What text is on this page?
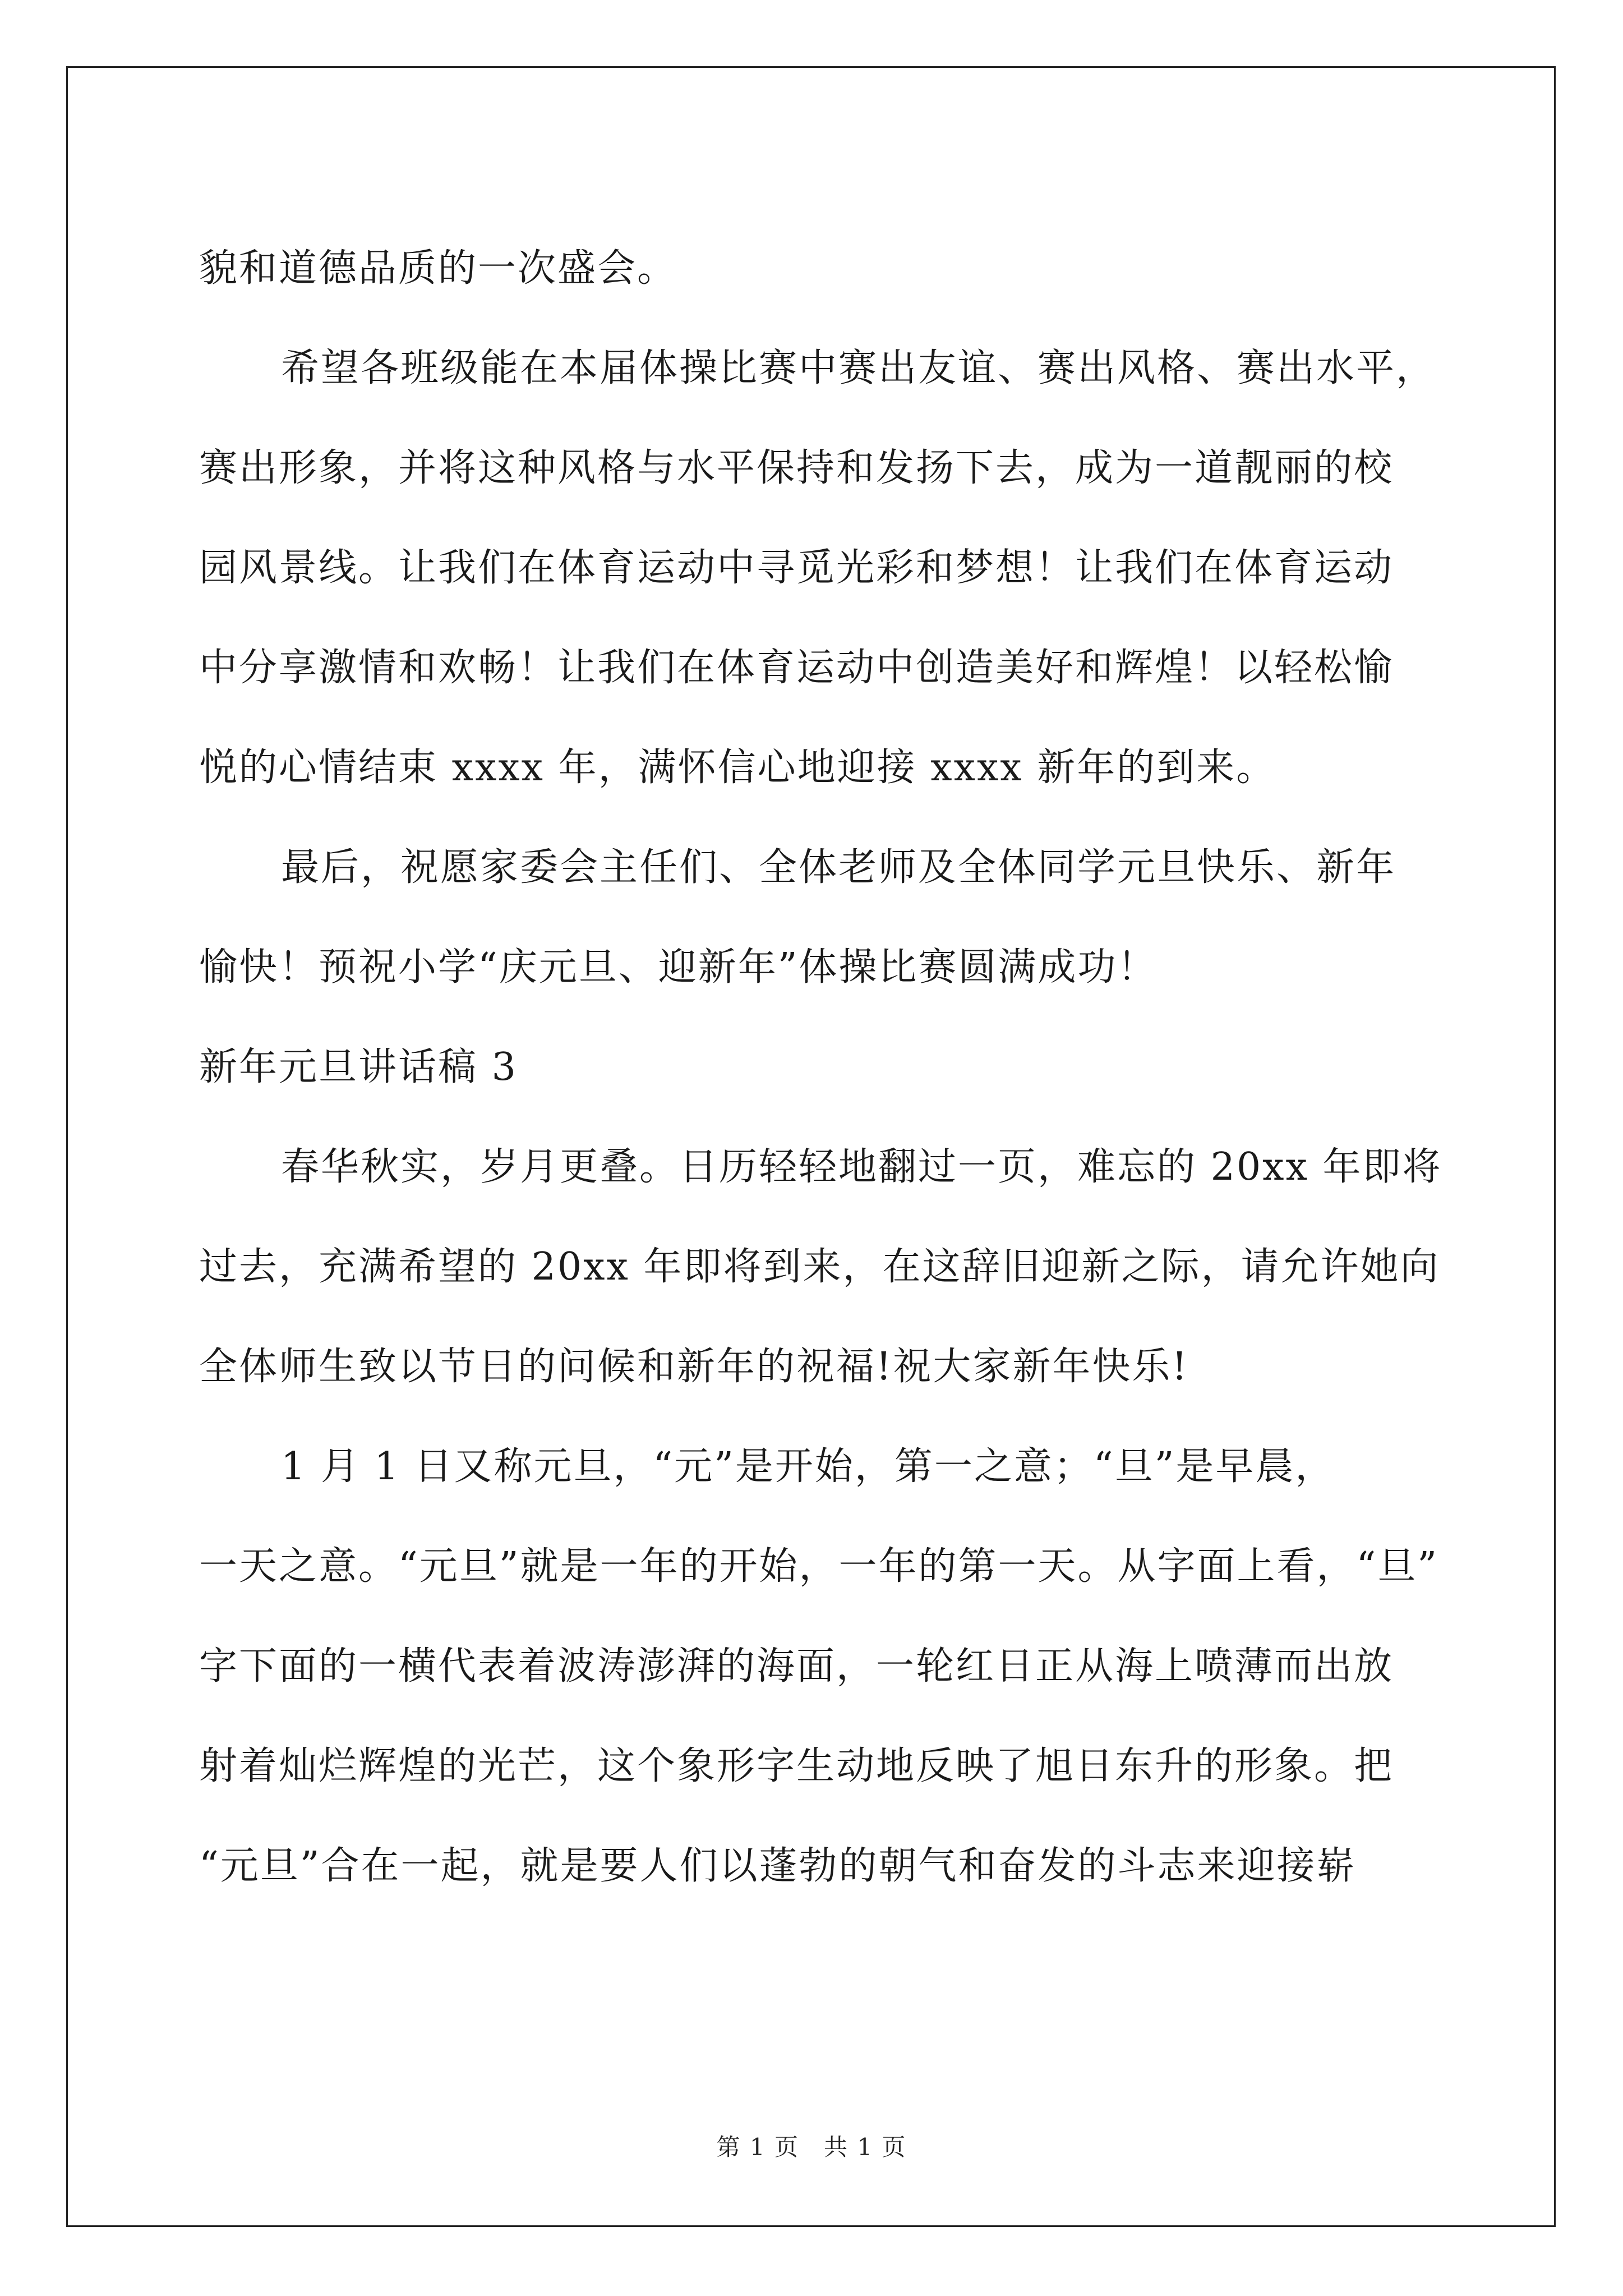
貌和道德品质的一次盛会。
希望各班级能在本届体操比赛中赛出友谊、赛出风格、赛出水平，
赛出形象，并将这种风格与水平保持和发扬下去，成为一道靓丽的校
园风景线。让我们在体育运动中寻觅光彩和梦想！让我们在体育运动
中分享激情和欢畅！让我们在体育运动中创造美好和辉煌！以轻松愉
悦的心情结束 xxxx 年，满怀信心地迎接 xxxx 新年的到来。
最后，祝愿家委会主任们、全体老师及全体同学元旦快乐、新年
愉快！预祝小学“庆元旦、迎新年”体操比赛圆满成功！
新年元旦讲话稿 3
春华秋实，岁月更叠。日历轻轻地翻过一页，难忘的 20xx 年即将
过去，充满希望的 20xx 年即将到来，在这辞旧迎新之际，请允许她向
全体师生致以节日的问候和新年的祝福!祝大家新年快乐!
1 月 1 日又称元旦，“元”是开始，第一之意；“旦”是早晨，
一天之意。“元旦”就是一年的开始，一年的第一天。从字面上看，“旦”
字下面的一横代表着波涛澎湃的海面，一轮红日正从海上喷薄而出放
射着灿烂辉煌的光芒，这个象形字生动地反映了旭日东升的形象。把
“元旦”合在一起，就是要人们以蓬勃的朝气和奋发的斗志来迎接崭
第 1 页　共 1 页
